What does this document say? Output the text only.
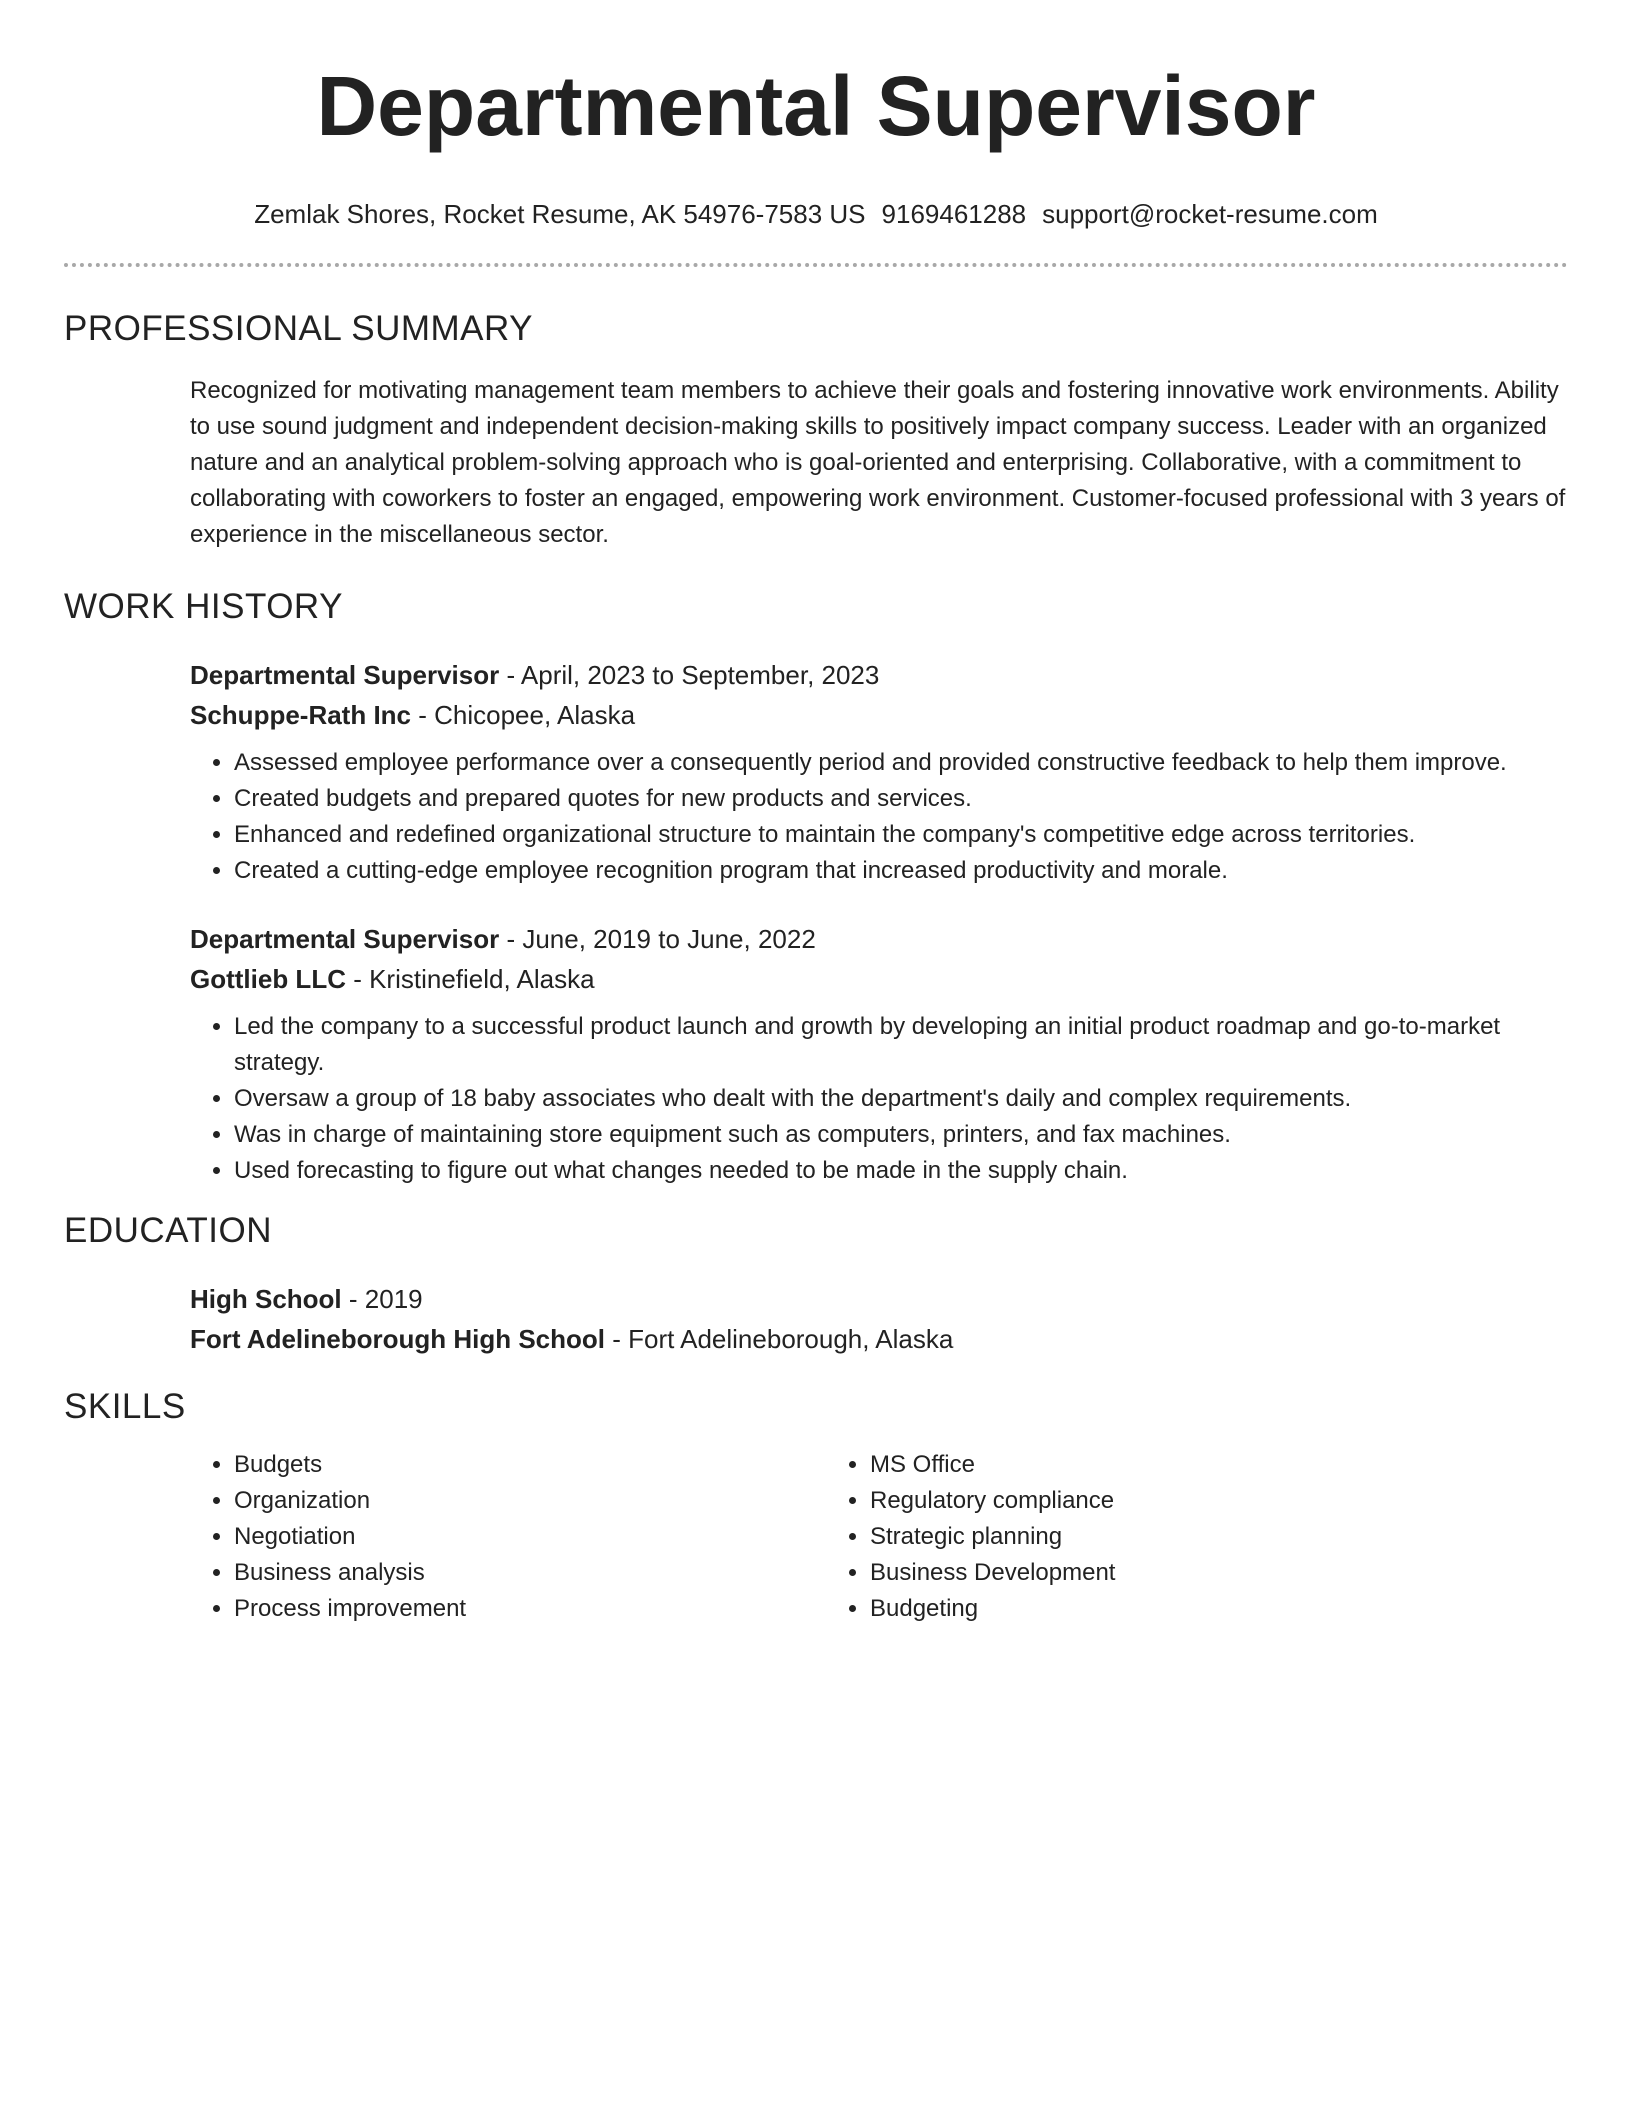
Departmental Supervisor
Zemlak Shores, Rocket Resume, AK 54976-7583 US 9169461288 support@rocket-resume.com
PROFESSIONAL SUMMARY
Recognized for motivating management team members to achieve their goals and fostering innovative work environments. Ability to use sound judgment and independent decision-making skills to positively impact company success. Leader with an organized nature and an analytical problem-solving approach who is goal-oriented and enterprising. Collaborative, with a commitment to collaborating with coworkers to foster an engaged, empowering work environment. Customer-focused professional with 3 years of experience in the miscellaneous sector.
WORK HISTORY
Departmental Supervisor - April, 2023 to September, 2023
Schuppe-Rath Inc - Chicopee, Alaska
• Assessed employee performance over a consequently period and provided constructive feedback to help them improve.
• Created budgets and prepared quotes for new products and services.
• Enhanced and redefined organizational structure to maintain the company's competitive edge across territories.
• Created a cutting-edge employee recognition program that increased productivity and morale.
Departmental Supervisor - June, 2019 to June, 2022
Gottlieb LLC - Kristinefield, Alaska
• Led the company to a successful product launch and growth by developing an initial product roadmap and go-to-market strategy.
• Oversaw a group of 18 baby associates who dealt with the department's daily and complex requirements.
• Was in charge of maintaining store equipment such as computers, printers, and fax machines.
• Used forecasting to figure out what changes needed to be made in the supply chain.
EDUCATION
High School - 2019
Fort Adelineborough High School - Fort Adelineborough, Alaska
SKILLS
• Budgets
• Organization
• Negotiation
• Business analysis
• Process improvement
• MS Office
• Regulatory compliance
• Strategic planning
• Business Development
• Budgeting
